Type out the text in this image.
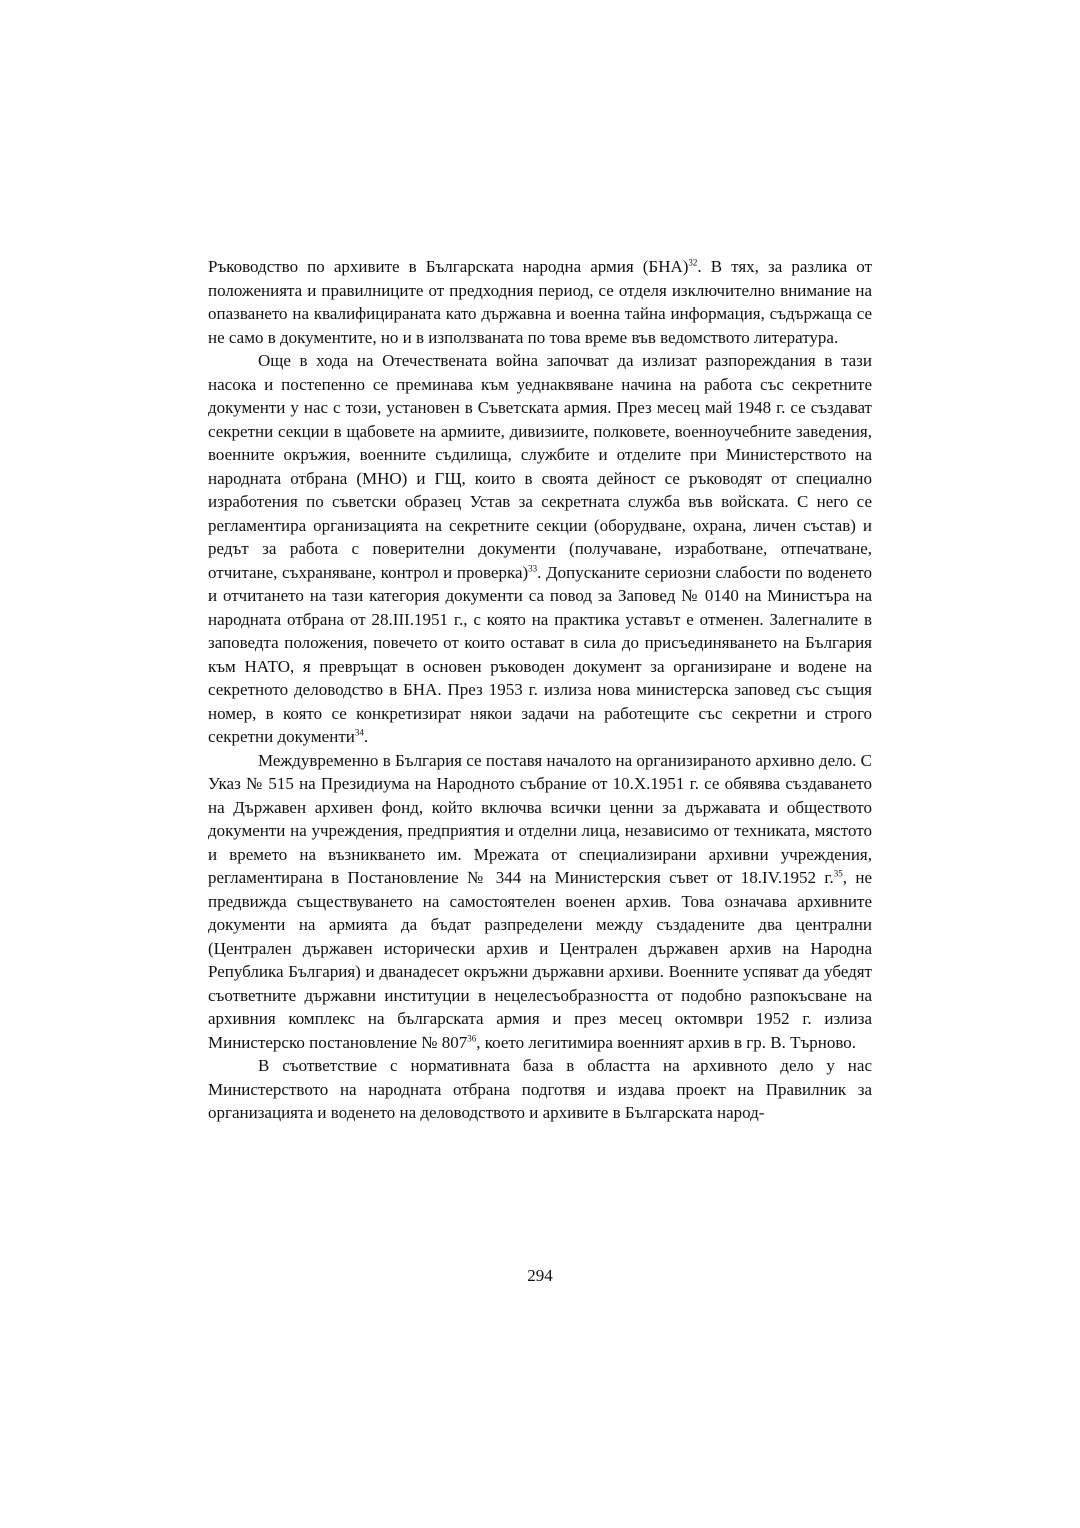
Ръководство по архивите в Българската народна армия (БНА)$^{32}$. В тях, за разлика от положенията и правилниците от предходния период, се отделя изключително внимание на опазването на квалифицираната като държавна и военна тайна информация, съдържаща се не само в документите, но и в използваната по това време във ведомството литература.

Още в хода на Отечествената война започват да излизат разпореждания в тази насока и постепенно се преминава към уеднаквяване начина на работа със секретните документи у нас с този, установен в Съветската армия. През месец май 1948 г. се създават секретни секции в щабовете на армиите, дивизиите, полковете, военноучебните заведения, военните окръжия, военните съдилища, службите и отделите при Министерството на народната отбрана (МНО) и ГЩ, които в своята дейност се ръководят от специално изработения по съветски образец Устав за секретната служба във войската. С него се регламентира организацията на секретните секции (оборудване, охрана, личен състав) и редът за работа с поверителни документи (получаване, изработване, отпечатване, отчитане, съхраняване, контрол и проверка)$^{33}$. Допусканите сериозни слабости по воденето и отчитането на тази категория документи са повод за Заповед № 0140 на Министъра на народната отбрана от 28.III.1951 г., с която на практика уставът е отменен. Залегналите в заповедта положения, повечето от които остават в сила до присъединяването на България към НАТО, я превръщат в основен ръководен документ за организиране и водене на секретното деловодство в БНА. През 1953 г. излиза нова министерска заповед със същия номер, в която се конкретизират някои задачи на работещите със секретни и строго секретни документи$^{34}$.

Междувременно в България се поставя началото на организираното архивно дело. С Указ № 515 на Президиума на Народното събрание от 10.X.1951 г. се обявява създаването на Държавен архивен фонд, който включва всички ценни за държавата и обществото документи на учреждения, предприятия и отделни лица, независимо от техниката, мястото и времето на възникването им. Мрежата от специализирани архивни учреждения, регламентирана в Постановление № 344 на Министерския съвет от 18.IV.1952 г.$^{35}$, не предвижда съществуването на самостоятелен военен архив. Това означава архивните документи на армията да бъдат разпределени между създадените два централни (Централен държавен исторически архив и Централен държавен архив на Народна Република България) и дванадесет окръжни държавни архиви. Военните успяват да убедят съответните държавни институции в нецелесъобразността от подобно разпокъсване на архивния комплекс на българската армия и през месец октомври 1952 г. излиза Министерско постановление № $807^{36}$, което легитимира военният архив в гр. В. Търново.

В съответствие с нормативната база в областта на архивното дело у нас Министерството на народната отбрана подготвя и издава проект на Правилник за организацията и воденето на деловодството и архивите в Българската народ-

294
